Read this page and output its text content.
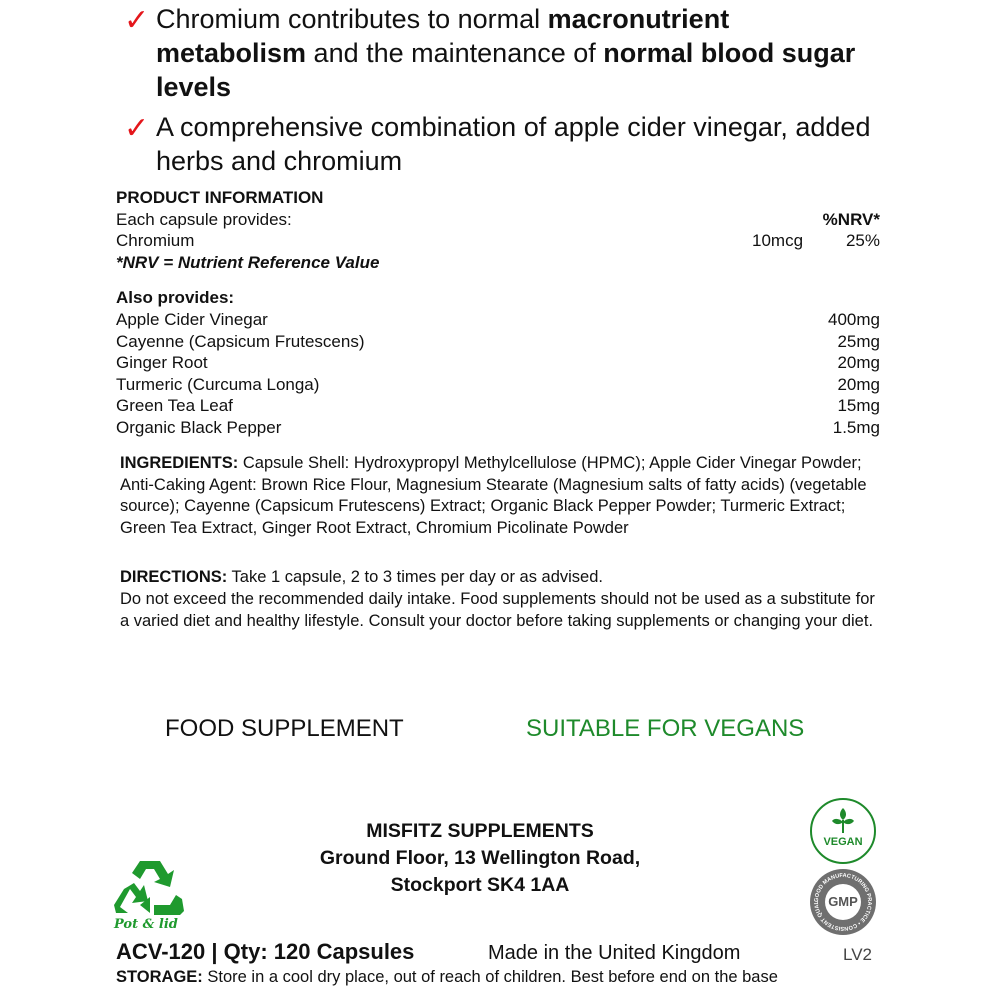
✓ Chromium contributes to normal macronutrient metabolism and the maintenance of normal blood sugar levels
✓ A comprehensive combination of apple cider vinegar, added herbs and chromium
PRODUCT INFORMATION
Each capsule provides:	%NRV*
Chromium	10mcg	25%
*NRV = Nutrient Reference Value
Also provides:
Apple Cider Vinegar	400mg
Cayenne (Capsicum Frutescens)	25mg
Ginger Root	20mg
Turmeric (Curcuma Longa)	20mg
Green Tea Leaf	15mg
Organic Black Pepper	1.5mg
INGREDIENTS: Capsule Shell: Hydroxypropyl Methylcellulose (HPMC); Apple Cider Vinegar Powder; Anti-Caking Agent: Brown Rice Flour, Magnesium Stearate (Magnesium salts of fatty acids) (vegetable source); Cayenne (Capsicum Frutescens) Extract; Organic Black Pepper Powder; Turmeric Extract; Green Tea Extract, Ginger Root Extract, Chromium Picolinate Powder
DIRECTIONS: Take 1 capsule, 2 to 3 times per day or as advised.
Do not exceed the recommended daily intake. Food supplements should not be used as a substitute for a varied diet and healthy lifestyle. Consult your doctor before taking supplements or changing your diet.
FOOD SUPPLEMENT	SUITABLE FOR VEGANS
MISFITZ SUPPLEMENTS
Ground Floor, 13 Wellington Road,
Stockport SK4 1AA
Pot & lid
VEGAN
GOOD MANUFACTURING PRACTICE • CONSISTENT QUAL GMP
ACV-120 | Qty: 120 Capsules	Made in the United Kingdom	LV2
STORAGE: Store in a cool dry place, out of reach of children. Best before end on the base
